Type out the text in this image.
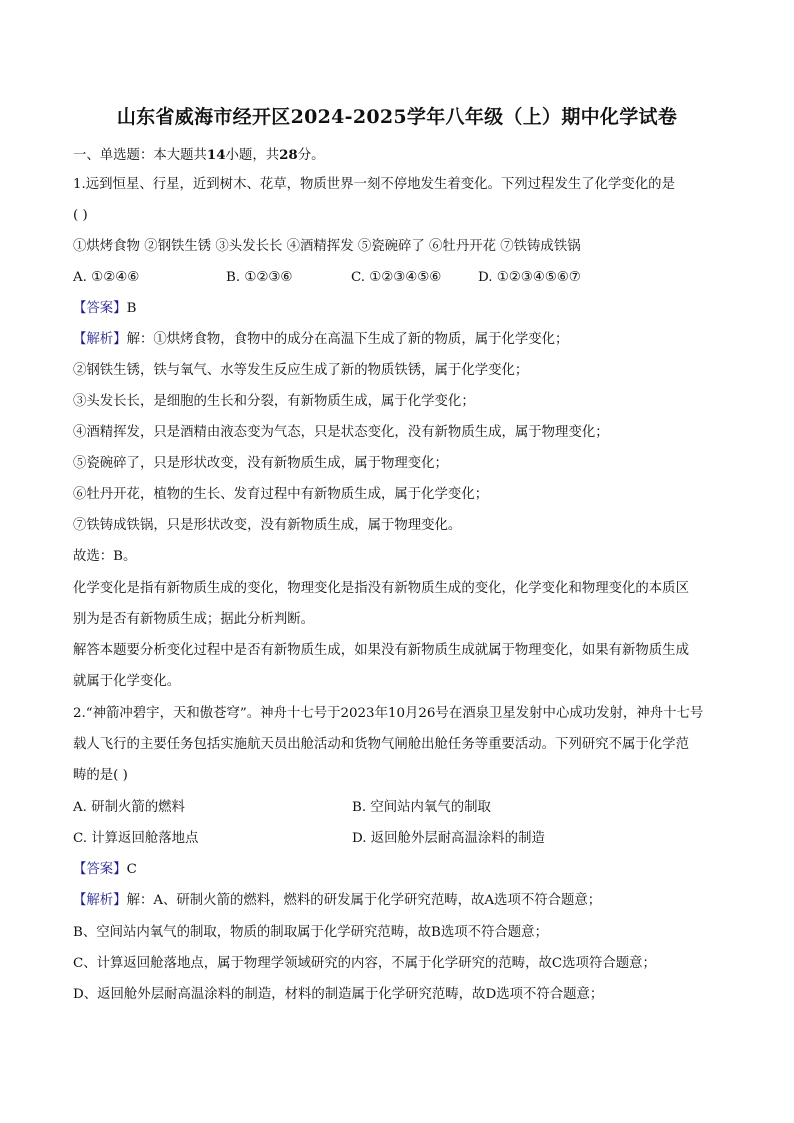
山东省威海市经开区2024-2025学年八年级（上）期中化学试卷
一、单选题：本大题共14小题，共28分。
1.远到恒星、行星，近到树木、花草，物质世界一刻不停地发生着变化。下列过程发生了化学变化的是
( )
①烘烤食物 ②钢铁生锈 ③头发长长 ④酒精挥发 ⑤瓷碗碎了 ⑥牡丹开花 ⑦铁铸成铁锅
A. ①②④⑥	B. ①②③⑥	C. ①②③④⑤⑥	D. ①②③④⑤⑥⑦
【答案】B
【解析】解：①烘烤食物，食物中的成分在高温下生成了新的物质，属于化学变化；
②钢铁生锈，铁与氧气、水等发生反应生成了新的物质铁锈，属于化学变化；
③头发长长，是细胞的生长和分裂，有新物质生成，属于化学变化；
④酒精挥发，只是酒精由液态变为气态，只是状态变化，没有新物质生成，属于物理变化；
⑤瓷碗碎了，只是形状改变，没有新物质生成，属于物理变化；
⑥牡丹开花，植物的生长、发育过程中有新物质生成，属于化学变化；
⑦铁铸成铁锅，只是形状改变，没有新物质生成，属于物理变化。
故选：B。
化学变化是指有新物质生成的变化，物理变化是指没有新物质生成的变化，化学变化和物理变化的本质区
别为是否有新物质生成；据此分析判断。
解答本题要分析变化过程中是否有新物质生成，如果没有新物质生成就属于物理变化，如果有新物质生成
就属于化学变化。
2.“神箭冲碧宇，天和傲苍穹”。神舟十七号于2023年10月26号在酒泉卫星发射中心成功发射，神舟十七号
载人飞行的主要任务包括实施航天员出舱活动和货物气闸舱出舱任务等重要活动。下列研究不属于化学范
畴的是( )
A. 研制火箭的燃料	B. 空间站内氧气的制取
C. 计算返回舱落地点	D. 返回舱外层耐高温涂料的制造
【答案】C
【解析】解：A、研制火箭的燃料，燃料的研发属于化学研究范畴，故A选项不符合题意；
B、空间站内氧气的制取，物质的制取属于化学研究范畴，故B选项不符合题意；
C、计算返回舱落地点，属于物理学领域研究的内容，不属于化学研究的范畴，故C选项符合题意；
D、返回舱外层耐高温涂料的制造，材料的制造属于化学研究范畴，故D选项不符合题意；
